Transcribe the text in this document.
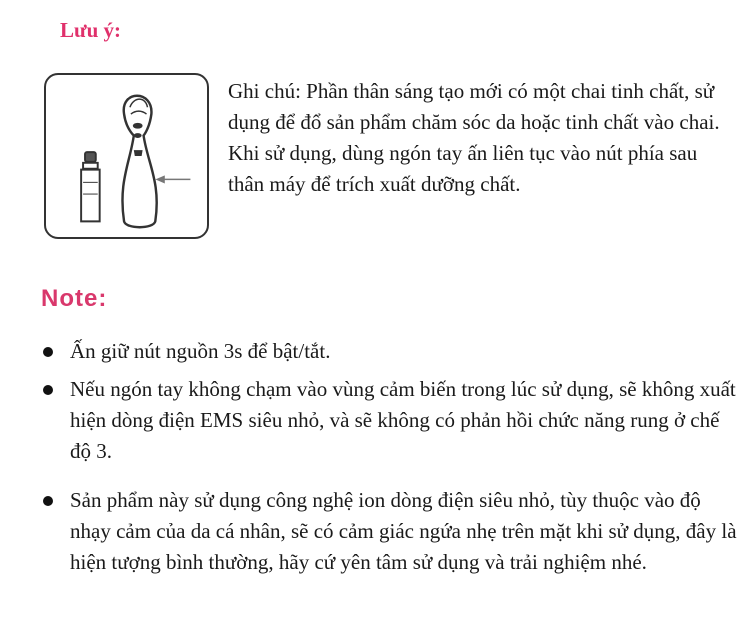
Lưu ý:

Ghi chú: Phần thân sáng tạo mới có một chai tinh chất, sử dụng để đổ sản phẩm chăm sóc da hoặc tinh chất vào chai. Khi sử dụng, dùng ngón tay ấn liên tục vào nút phía sau thân máy để trích xuất dưỡng chất.

Note:
Ấn giữ nút nguồn 3s để bật/tắt.
Nếu ngón tay không chạm vào vùng cảm biến trong lúc sử dụng, sẽ không xuất hiện dòng điện EMS siêu nhỏ, và sẽ không có phản hồi chức năng rung ở chế độ 3.
Sản phẩm này sử dụng công nghệ ion dòng điện siêu nhỏ, tùy thuộc vào độ nhạy cảm của da cá nhân, sẽ có cảm giác ngứa nhẹ trên mặt khi sử dụng, đây là hiện tượng bình thường, hãy cứ yên tâm sử dụng và trải nghiệm nhé.
